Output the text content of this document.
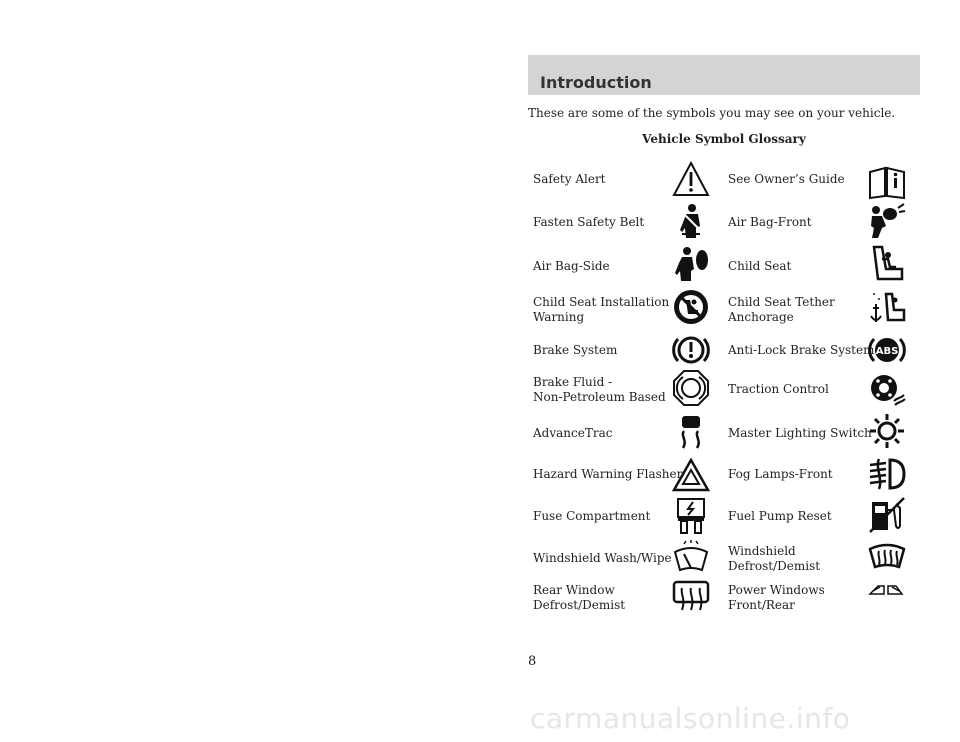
Introduction
These are some of the symbols you may see on your vehicle.
Vehicle Symbol Glossary
Safety Alert
Fasten Safety Belt
Air Bag-Side
Child Seat Installation
Warning
Brake System
Brake Fluid -
Non-Petroleum Based
AdvanceTrac
Hazard Warning Flasher
Fuse Compartment
Windshield Wash/Wipe
Rear Window
Defrost/Demist
See Owner’s Guide
Air Bag-Front
Child Seat
Child Seat Tether
Anchorage
Anti-Lock Brake System
Traction Control
Master Lighting Switch
Fog Lamps-Front
Fuel Pump Reset
Windshield
Defrost/Demist
Power Windows
Front/Rear
ABS
8
carmanualsonline.info
